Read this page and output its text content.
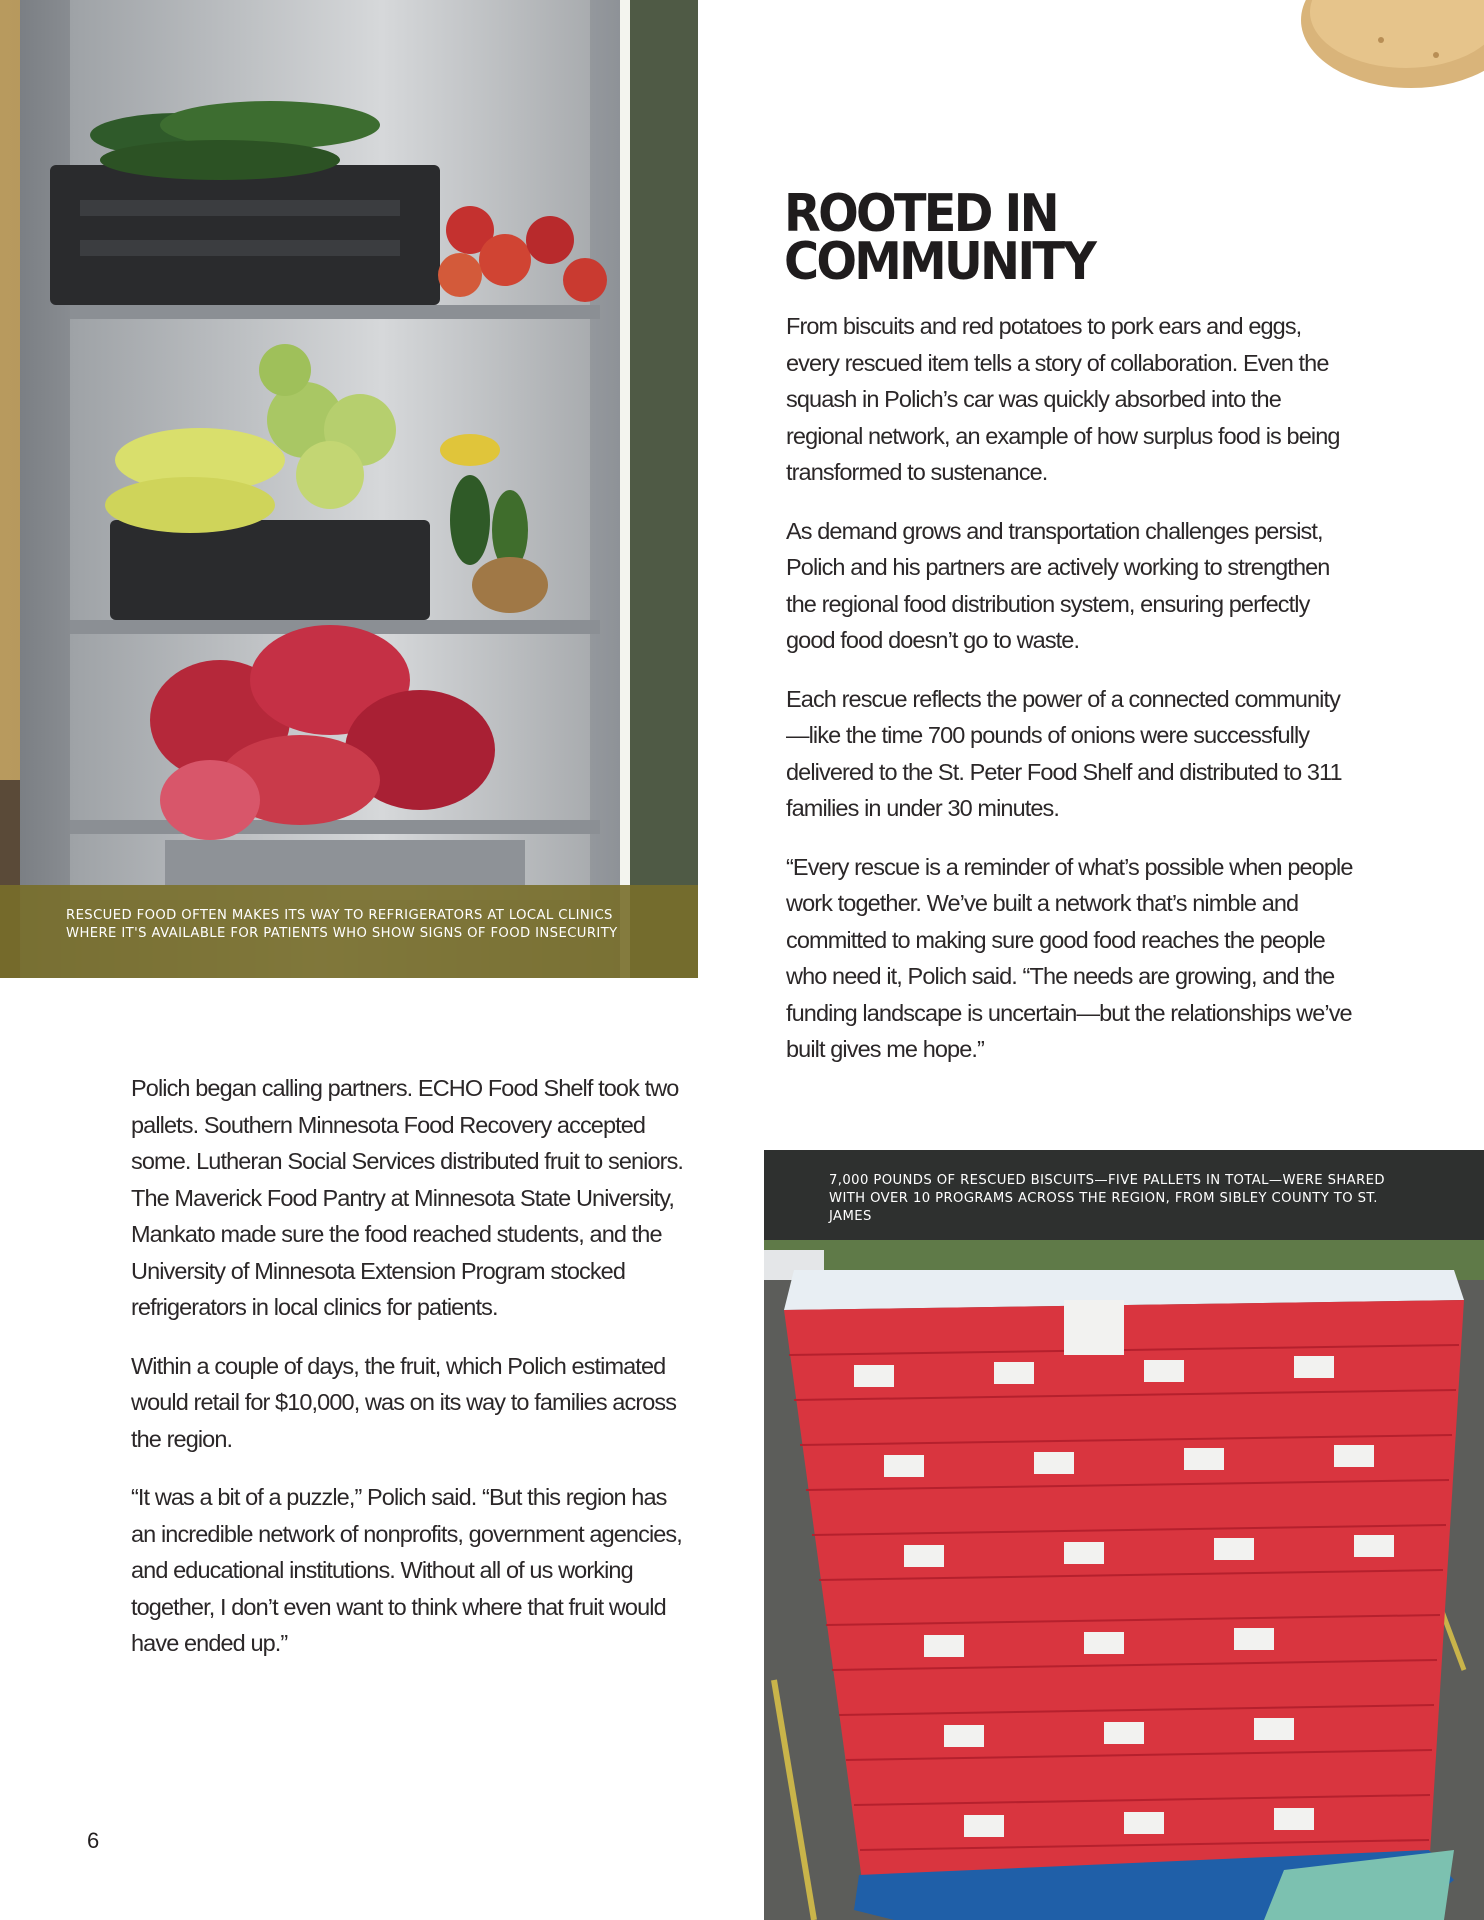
RESCUED FOOD OFTEN MAKES ITS WAY TO REFRIGERATORS AT LOCAL CLINICS WHERE IT'S AVAILABLE FOR PATIENTS WHO SHOW SIGNS OF FOOD INSECURITY

ROOTED IN
COMMUNITY

From biscuits and red potatoes to pork ears and eggs, every rescued item tells a story of collaboration. Even the squash in Polich’s car was quickly absorbed into the regional network, an example of how surplus food is being transformed to sustenance.

As demand grows and transportation challenges persist, Polich and his partners are actively working to strengthen the regional food distribution system, ensuring perfectly good food doesn’t go to waste.

Each rescue reflects the power of a connected community—like the time 700 pounds of onions were successfully delivered to the St. Peter Food Shelf and distributed to 311 families in under 30 minutes.

“Every rescue is a reminder of what’s possible when people work together. We’ve built a network that’s nimble and committed to making sure good food reaches the people who need it, Polich said. “The needs are growing, and the funding landscape is uncertain—but the relationships we’ve built gives me hope.”

Polich began calling partners. ECHO Food Shelf took two pallets. Southern Minnesota Food Recovery accepted some. Lutheran Social Services distributed fruit to seniors. The Maverick Food Pantry at Minnesota State University, Mankato made sure the food reached students, and the University of Minnesota Extension Program stocked refrigerators in local clinics for patients.

Within a couple of days, the fruit, which Polich estimated would retail for $10,000, was on its way to families across the region.

“It was a bit of a puzzle,” Polich said. “But this region has an incredible network of nonprofits, government agencies, and educational institutions. Without all of us working together, I don’t even want to think where that fruit would have ended up.”

7,000 POUNDS OF RESCUED BISCUITS—FIVE PALLETS IN TOTAL—WERE SHARED WITH OVER 10 PROGRAMS ACROSS THE REGION, FROM SIBLEY COUNTY TO ST. JAMES

6
